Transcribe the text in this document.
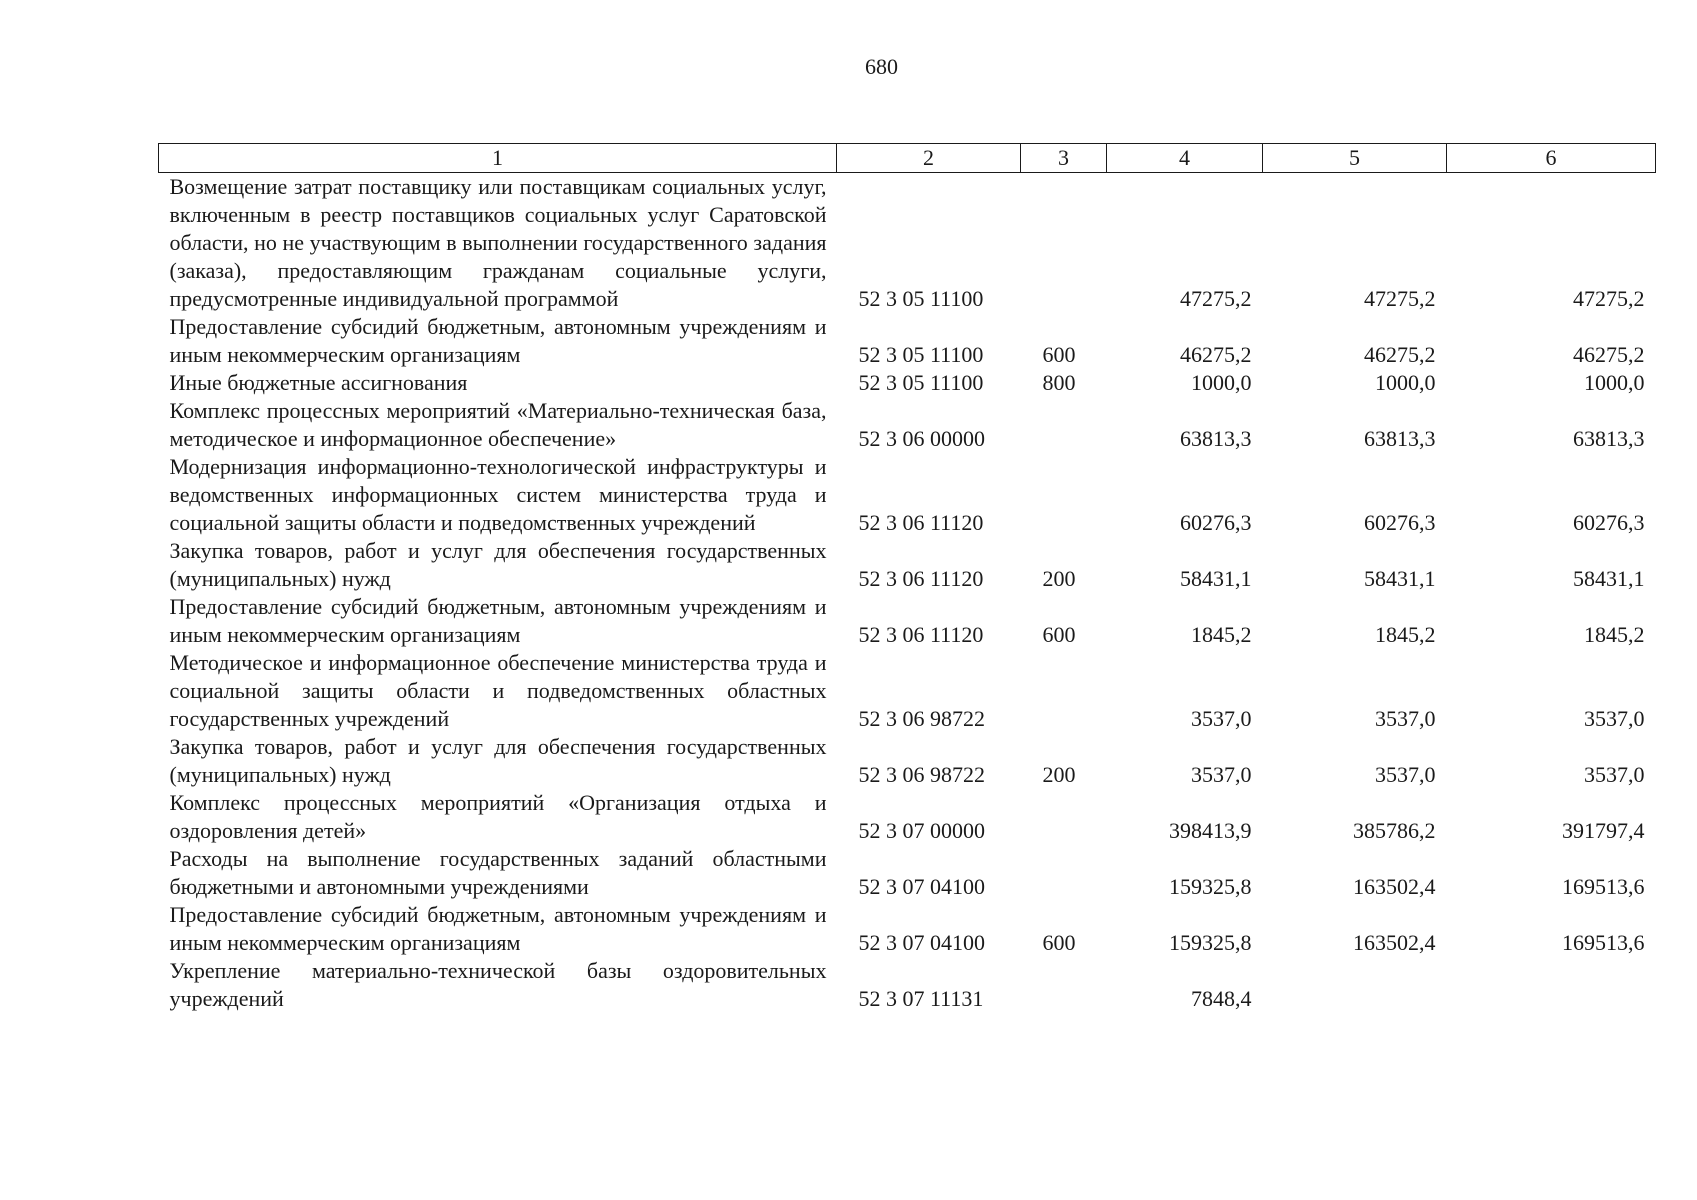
680
1	2	3	4	5	6
Возмещение затрат поставщику или поставщикам социальных услуг, включенным в реестр поставщиков социальных услуг Саратовской области, но не участвующим в выполнении государственного задания (заказа), предоставляющим гражданам социальные услуги, предусмотренные индивидуальной программой	52 3 05 11100		47275,2	47275,2	47275,2
Предоставление субсидий бюджетным, автономным учреждениям и иным некоммерческим организациям	52 3 05 11100	600	46275,2	46275,2	46275,2
Иные бюджетные ассигнования	52 3 05 11100	800	1000,0	1000,0	1000,0
Комплекс процессных мероприятий «Материально-техническая база, методическое и информационное обеспечение»	52 3 06 00000		63813,3	63813,3	63813,3
Модернизация информационно-технологической инфраструктуры и ведомственных информационных систем министерства труда и социальной защиты области и подведомственных учреждений	52 3 06 11120		60276,3	60276,3	60276,3
Закупка товаров, работ и услуг для обеспечения государственных (муниципальных) нужд	52 3 06 11120	200	58431,1	58431,1	58431,1
Предоставление субсидий бюджетным, автономным учреждениям и иным некоммерческим организациям	52 3 06 11120	600	1845,2	1845,2	1845,2
Методическое и информационное обеспечение министерства труда и социальной защиты области и подведомственных областных государственных учреждений	52 3 06 98722		3537,0	3537,0	3537,0
Закупка товаров, работ и услуг для обеспечения государственных (муниципальных) нужд	52 3 06 98722	200	3537,0	3537,0	3537,0
Комплекс процессных мероприятий «Организация отдыха и оздоровления детей»	52 3 07 00000		398413,9	385786,2	391797,4
Расходы на выполнение государственных заданий областными бюджетными и автономными учреждениями	52 3 07 04100		159325,8	163502,4	169513,6
Предоставление субсидий бюджетным, автономным учреждениям и иным некоммерческим организациям	52 3 07 04100	600	159325,8	163502,4	169513,6
Укрепление материально-технической базы оздоровительных учреждений	52 3 07 11131		7848,4		
